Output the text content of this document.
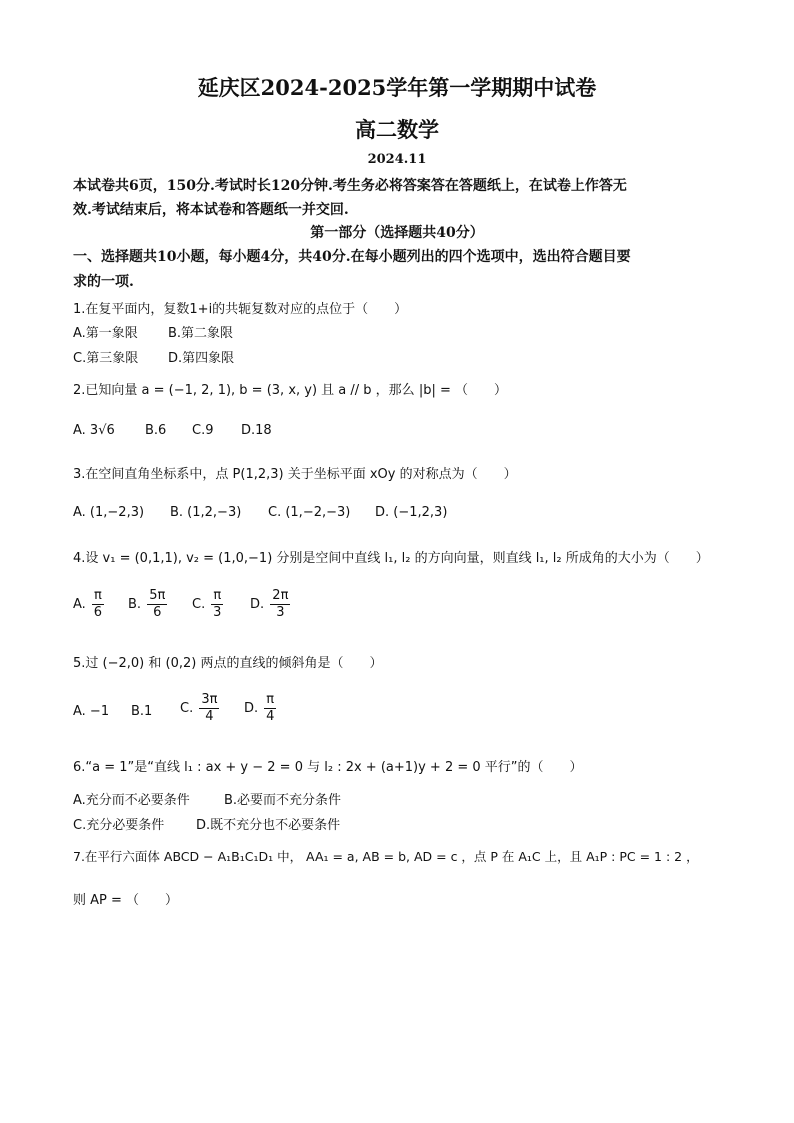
延庆区2024-2025学年第一学期期中试卷
高二数学
2024.11
本试卷共6页，150分.考试时长120分钟.考生务必将答案答在答题纸上，在试卷上作答无
效.考试结束后，将本试卷和答题纸一并交回.
第一部分（选择题共40分）
一、选择题共10小题，每小题4分，共40分.在每小题列出的四个选项中，选出符合题目要
求的一项.
1.在复平面内，复数1+i的共轭复数对应的点位于（　　）
A.第一象限 B.第二象限
C.第三象限 D.第四象限
2.已知向量 a = (−1, 2, 1), b = (3, x, y) 且 a // b ，那么 |b| = （　　）
A. 3√6 B.6 C.9 D.18
3.在空间直角坐标系中，点 P(1,2,3) 关于坐标平面 xOy 的对称点为（　　）
A. (1,−2,3) B. (1,2,−3) C. (1,−2,−3) D. (−1,2,3)
4.设 v₁ = (0,1,1), v₂ = (1,0,−1) 分别是空间中直线 l₁, l₂ 的方向向量，则直线 l₁, l₂ 所成角的大小为（　　）
A. $\frac{\pi}{6} B$. $\frac{5\pi}{6} C$. $\frac{\pi}{3} D$. $\frac{2\pi}{3}$
5.过 (−2,0) 和 (0,2) 两点的直线的倾斜角是（　　）
A. −1 B.1 C. $\frac{3\pi}{4} D$. $\frac{\pi}{4}$
6.“a = 1”是“直线 l₁ : ax + y − 2 = 0 与 l₂ : 2x + (a+1)y + 2 = 0 平行”的（　　）
A.充分而不必要条件	B.必要而不充分条件
C.充分必要条件 D.既不充分也不必要条件
7.在平行六面体 ABCD − A₁B₁C₁D₁ 中， AA₁ = a, AB = b, AD = c ，点 P 在 A₁C 上，且 A₁P : PC = 1 : 2 ，
则 AP = （　　）
